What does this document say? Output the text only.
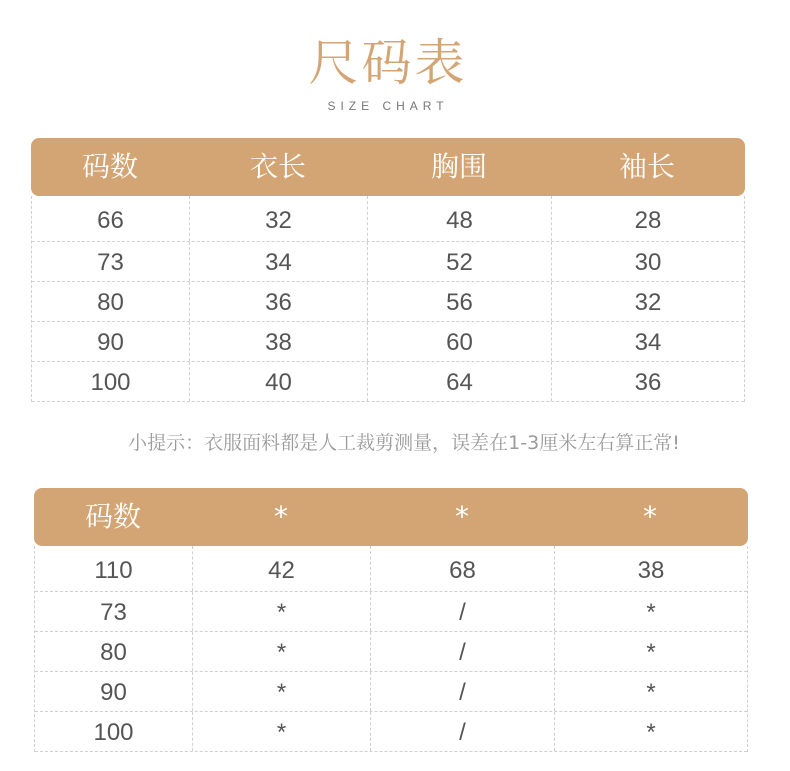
尺码表
SIZE CHART
码数	衣长	胸围	袖长
66	32	48	28
73	34	52	30
80	36	56	32
90	38	60	34
100	40	64	36
小提示：衣服面料都是人工裁剪测量，误差在1-3厘米左右算正常!
码数	*	*	*
110	42	68	38
73	*	/	*
80	*	/	*
90	*	/	*
100	*	/	*
